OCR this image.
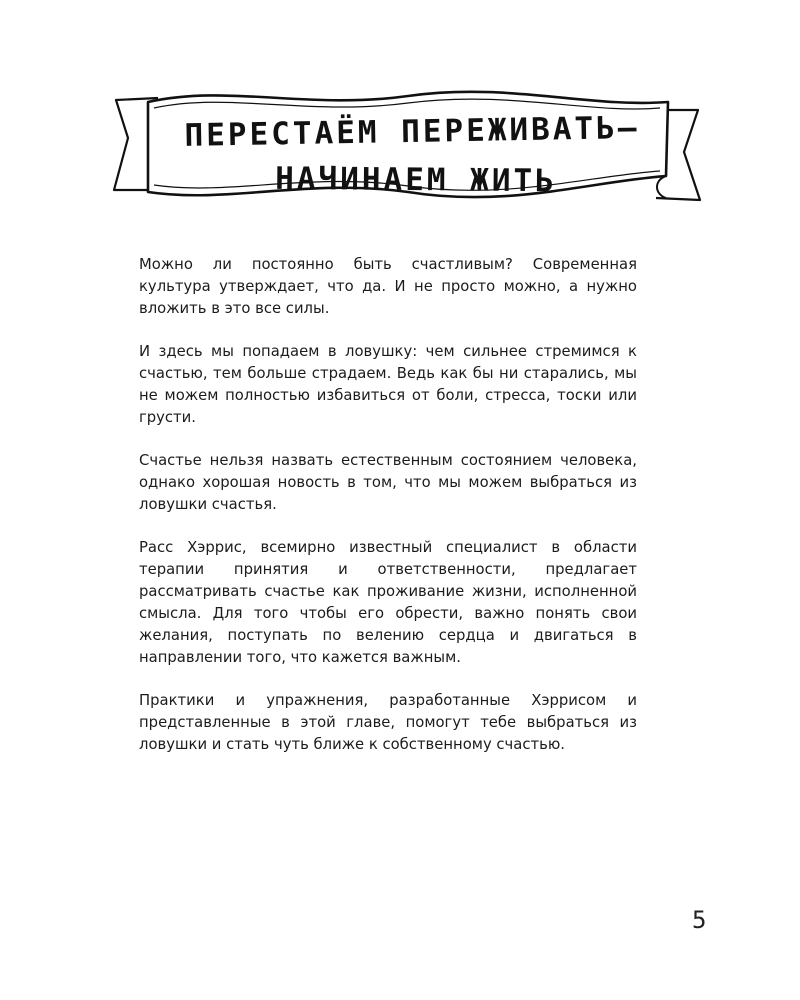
ПЕРЕСТАЁМ ПЕРЕЖИВАТЬ—
НАЧИНАЕМ ЖИТЬ

Можно ли постоянно быть счастливым? Современная культура утверждает, что да. И не просто можно, а нужно вложить в это все силы.

И здесь мы попадаем в ловушку: чем сильнее стремимся к счастью, тем больше страдаем. Ведь как бы ни старались, мы не можем полностью избавиться от боли, стресса, тоски или грусти.

Счастье нельзя назвать естественным состоянием человека, однако хорошая новость в том, что мы можем выбраться из ловушки счастья.

Расс Хэррис, всемирно известный специалист в области терапии принятия и ответственности, предлагает рассматривать счастье как проживание жизни, исполненной смысла. Для того чтобы его обрести, важно понять свои желания, поступать по велению сердца и двигаться в направлении того, что кажется важным.

Практики и упражнения, разработанные Хэррисом и представленные в этой главе, помогут тебе выбраться из ловушки и стать чуть ближе к собственному счастью.

5
